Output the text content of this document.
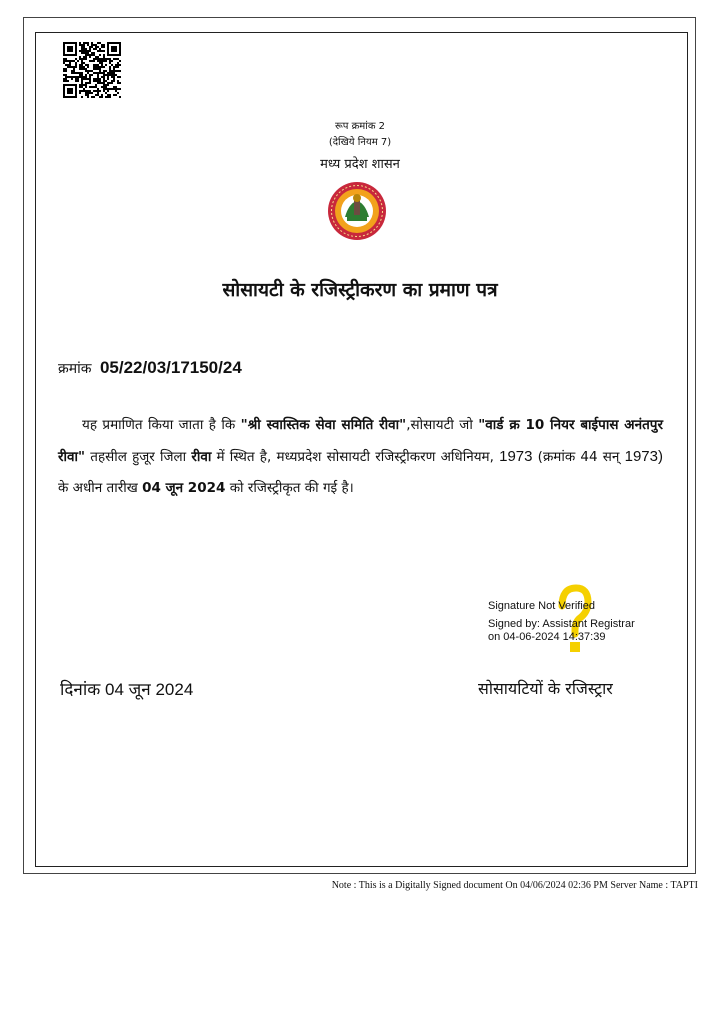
रूप क्रमांक 2
(देखिये नियम 7)
मध्य प्रदेश शासन
सोसायटी के रजिस्ट्रीकरण का प्रमाण पत्र
क्रमांक 05/22/03/17150/24
यह प्रमाणित किया जाता है कि "श्री स्वास्तिक सेवा समिति रीवा",सोसायटी जो "वार्ड क्र 10 नियर बाईपास अनंतपुर रीवा" तहसील हुजूर जिला रीवा में स्थित है, मध्यप्रदेश सोसायटी रजिस्ट्रीकरण अधिनियम, 1973 (क्रमांक 44 सन् 1973) के अधीन तारीख 04 जून 2024 को रजिस्ट्रीकृत की गई है।
Signature Not Verified
Signed by: Assistant Registrar
on 04-06-2024 14:37:39
दिनांक 04 जून 2024	सोसायटियों के रजिस्ट्रार
Note : This is a Digitally Signed document On 04/06/2024 02:36 PM Server Name : TAPTI
